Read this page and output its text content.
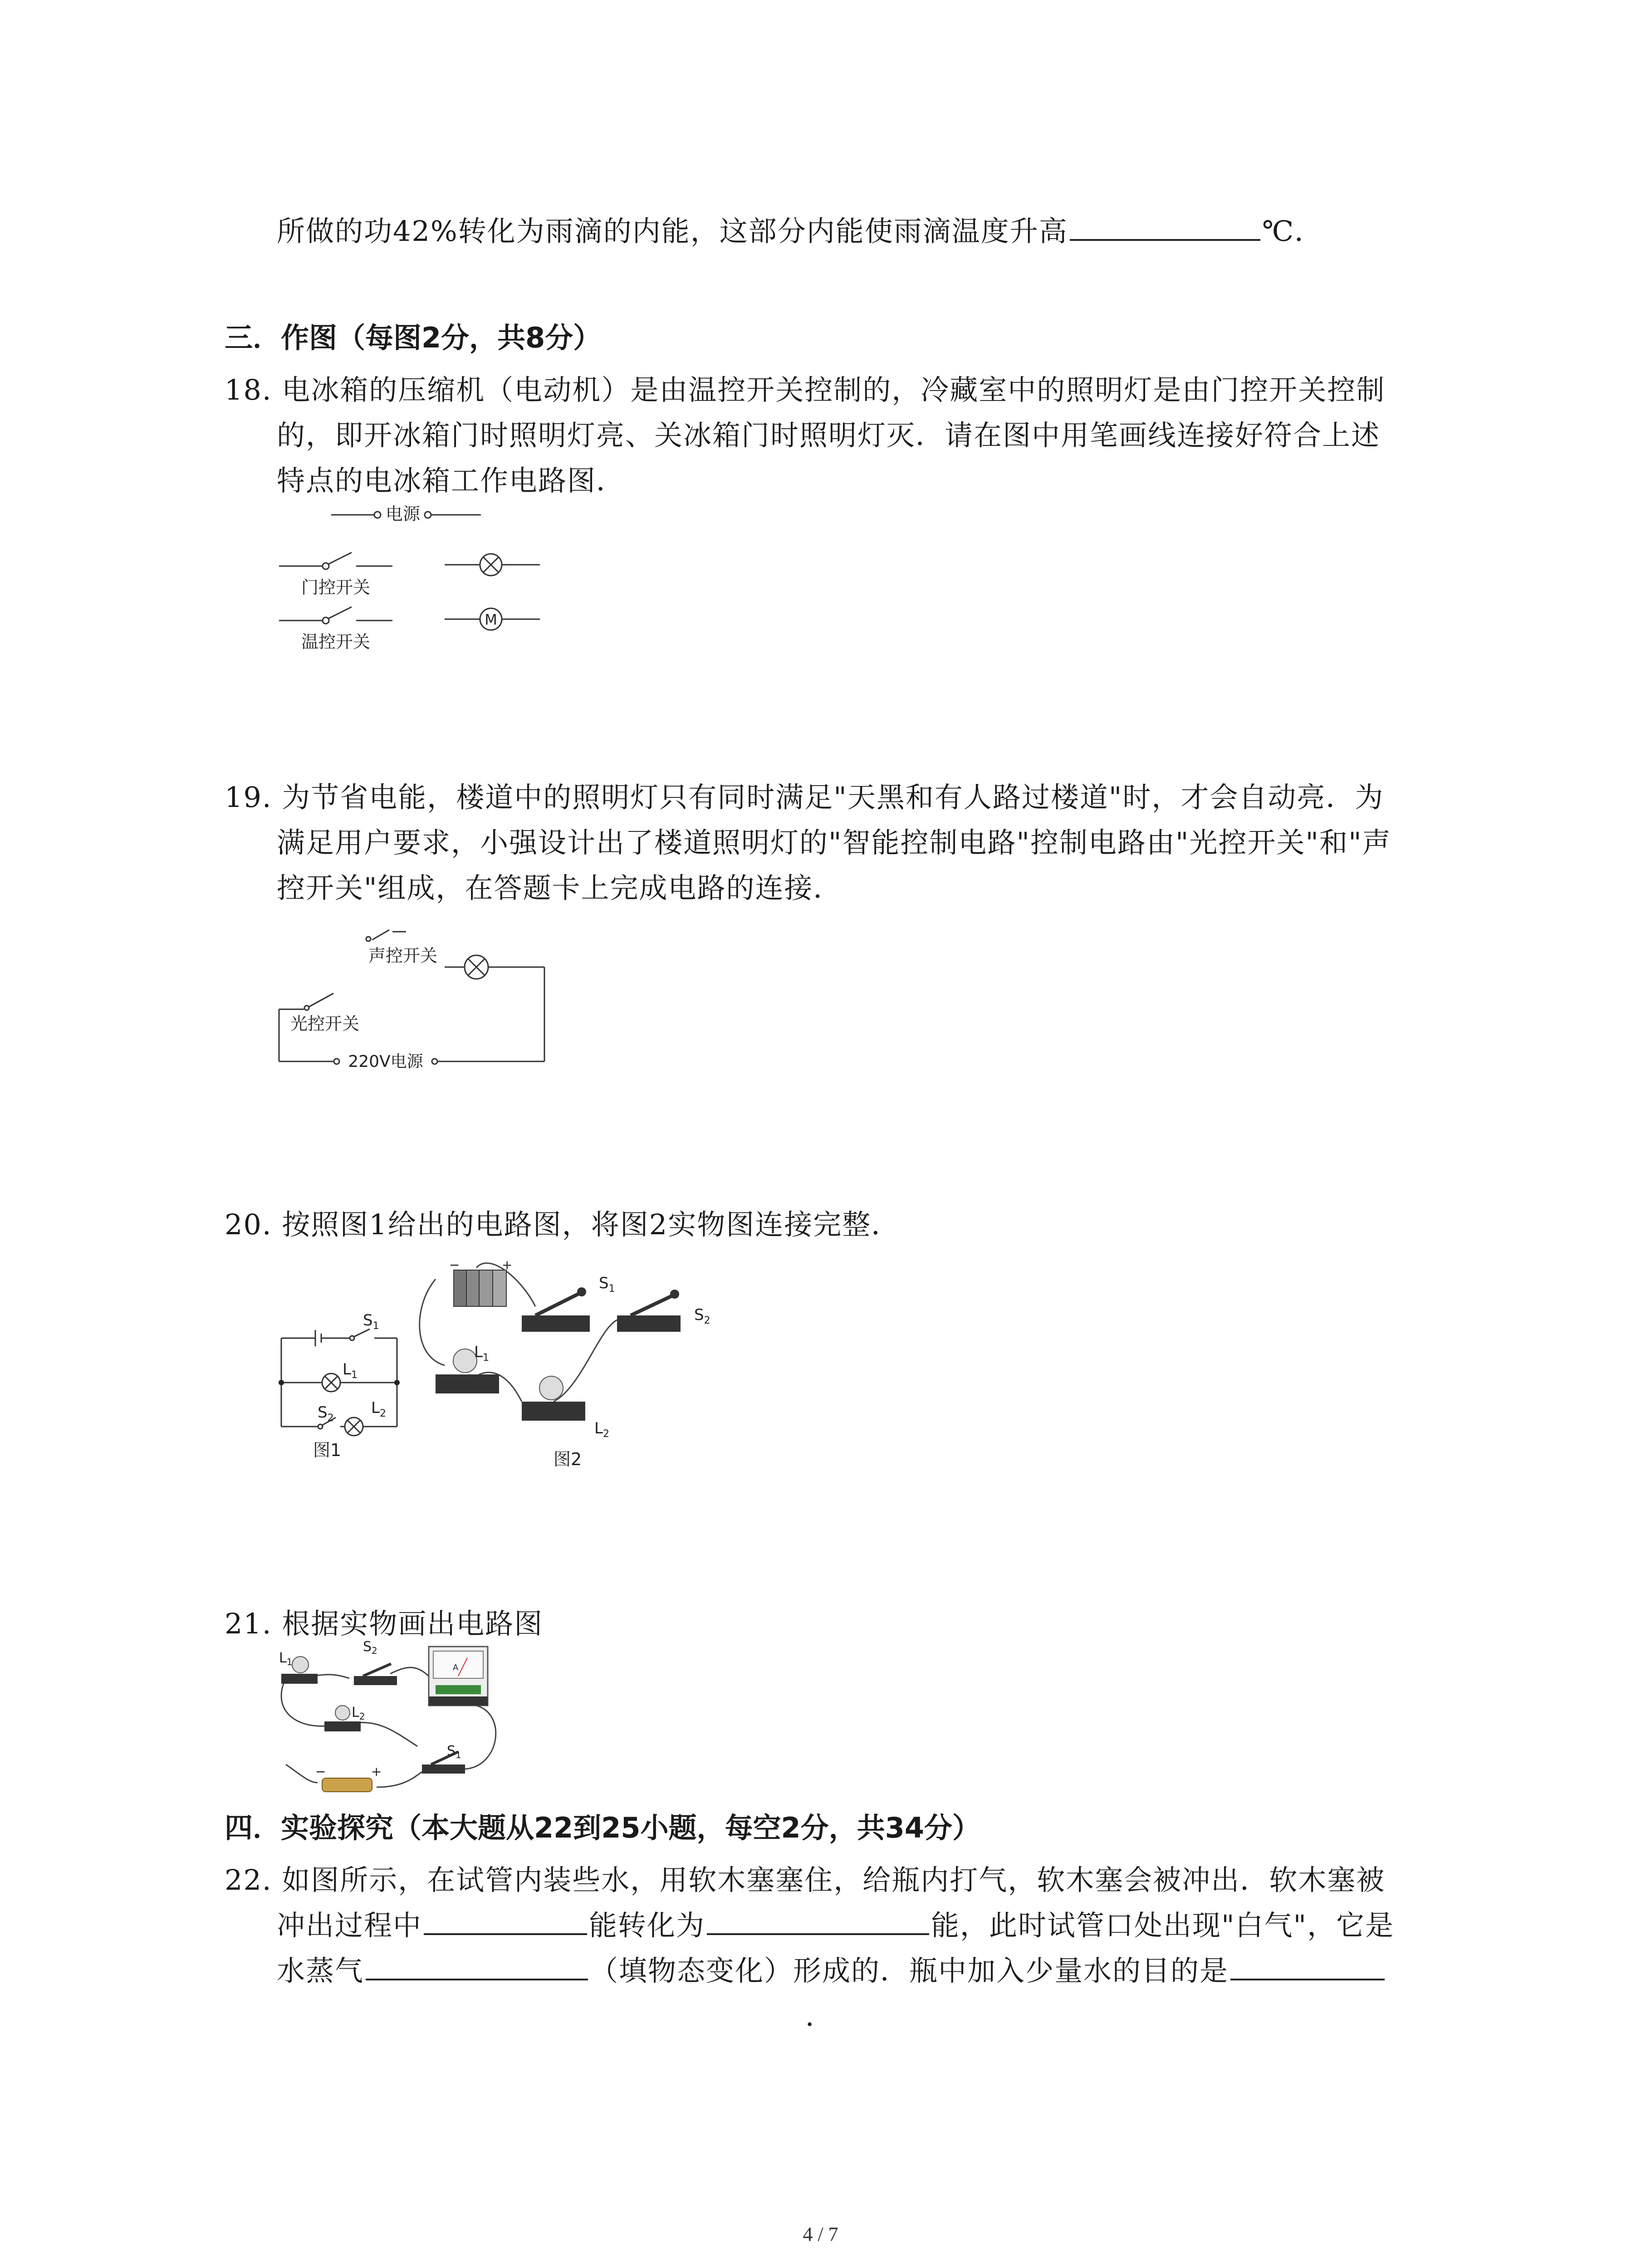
所做的功42%转化为雨滴的内能，这部分内能使雨滴温度升高	℃．
三．作图（每图2分，共8分）
18. 电冰箱的压缩机（电动机）是由温控开关控制的，冷藏室中的照明灯是由门控开关控制
的，即开冰箱门时照明灯亮、关冰箱门时照明灯灭．请在图中用笔画线连接好符合上述
特点的电冰箱工作电路图．
电源
门控开关
温控开关
M
19. 为节省电能，楼道中的照明灯只有同时满足"天黑和有人路过楼道"时，才会自动亮．为
满足用户要求，小强设计出了楼道照明灯的"智能控制电路"控制电路由"光控开关"和"声
控开关"组成，在答题卡上完成电路的连接．
声控开关
光控开关
220V电源
20. 按照图1给出的电路图，将图2实物图连接完整．
$S_1$
$L_1$
$L_2$
$S_2$
图1
−	+
$S_1$
$L_1$
$L_2$
$S_2$
图2
21. 根据实物画出电路图
$L_1$
$S_2$
A
$L_2$
$S_1$
−	+
四．实验探究（本大题从22到25小题，每空2分，共34分）
22. 如图所示，在试管内装些水，用软木塞塞住，给瓶内打气，软木塞会被冲出．软木塞被
冲出过程中	能转化为	能，此时试管口处出现"白气"，它是
水蒸气	（填物态变化）形成的．瓶中加入少量水的目的是
．
4 / 7
